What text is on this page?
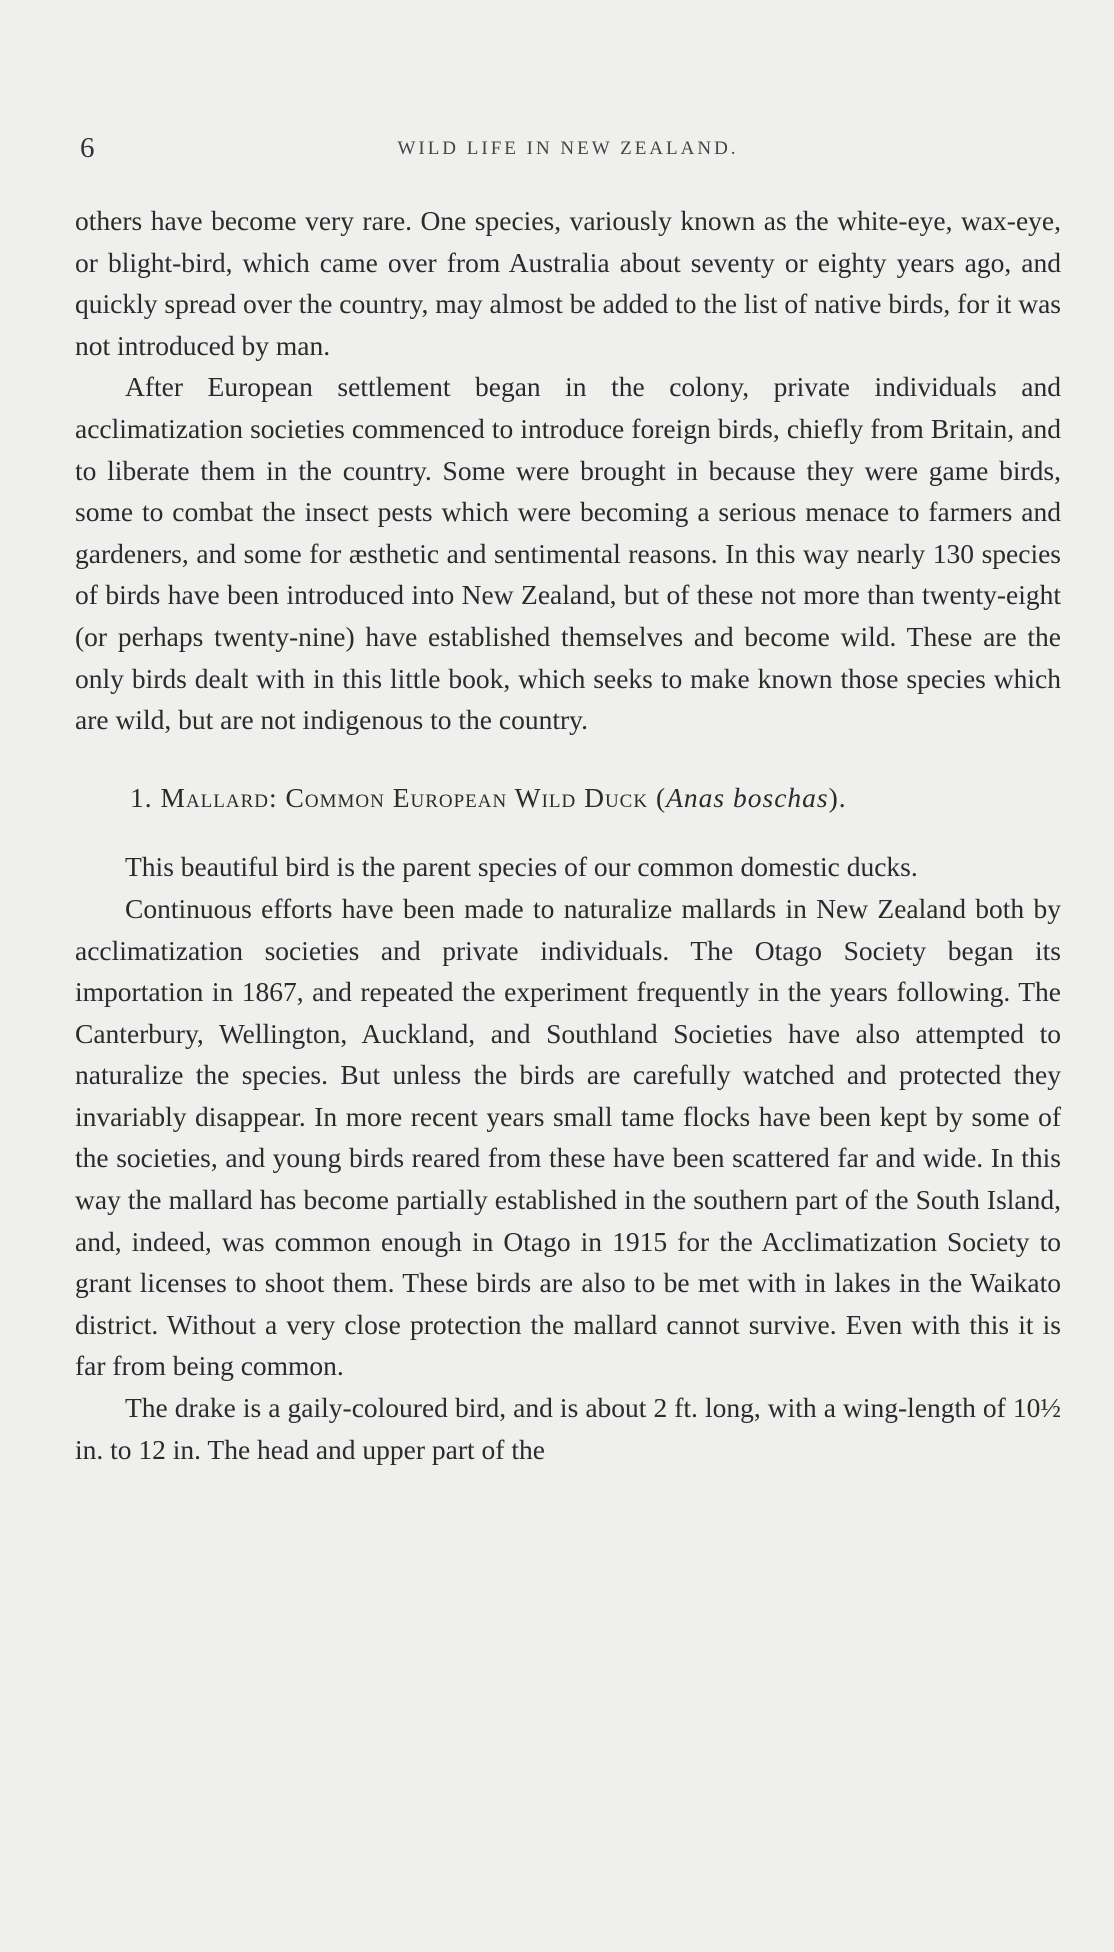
6	WILD LIFE IN NEW ZEALAND.

others have become very rare. One species, variously known as the white-eye, wax-eye, or blight-bird, which came over from Australia about seventy or eighty years ago, and quickly spread over the country, may almost be added to the list of native birds, for it was not introduced by man.

After European settlement began in the colony, private individuals and acclimatization societies commenced to introduce foreign birds, chiefly from Britain, and to liberate them in the country. Some were brought in because they were game birds, some to combat the insect pests which were becoming a serious menace to farmers and gardeners, and some for æsthetic and sentimental reasons. In this way nearly 130 species of birds have been introduced into New Zealand, but of these not more than twenty-eight (or perhaps twenty-nine) have established themselves and become wild. These are the only birds dealt with in this little book, which seeks to make known those species which are wild, but are not indigenous to the country.

1. Mallard: Common European Wild Duck (Anas boschas).

This beautiful bird is the parent species of our common domestic ducks.

Continuous efforts have been made to naturalize mallards in New Zealand both by acclimatization societies and private individuals. The Otago Society began its importation in 1867, and repeated the experiment frequently in the years following. The Canterbury, Wellington, Auckland, and Southland Societies have also attempted to naturalize the species. But unless the birds are carefully watched and protected they invariably disappear. In more recent years small tame flocks have been kept by some of the societies, and young birds reared from these have been scattered far and wide. In this way the mallard has become partially established in the southern part of the South Island, and, indeed, was common enough in Otago in 1915 for the Acclimatization Society to grant licenses to shoot them. These birds are also to be met with in lakes in the Waikato district. Without a very close protection the mallard cannot survive. Even with this it is far from being common.

The drake is a gaily-coloured bird, and is about 2 ft. long, with a wing-length of 10½ in. to 12 in. The head and upper part of the
